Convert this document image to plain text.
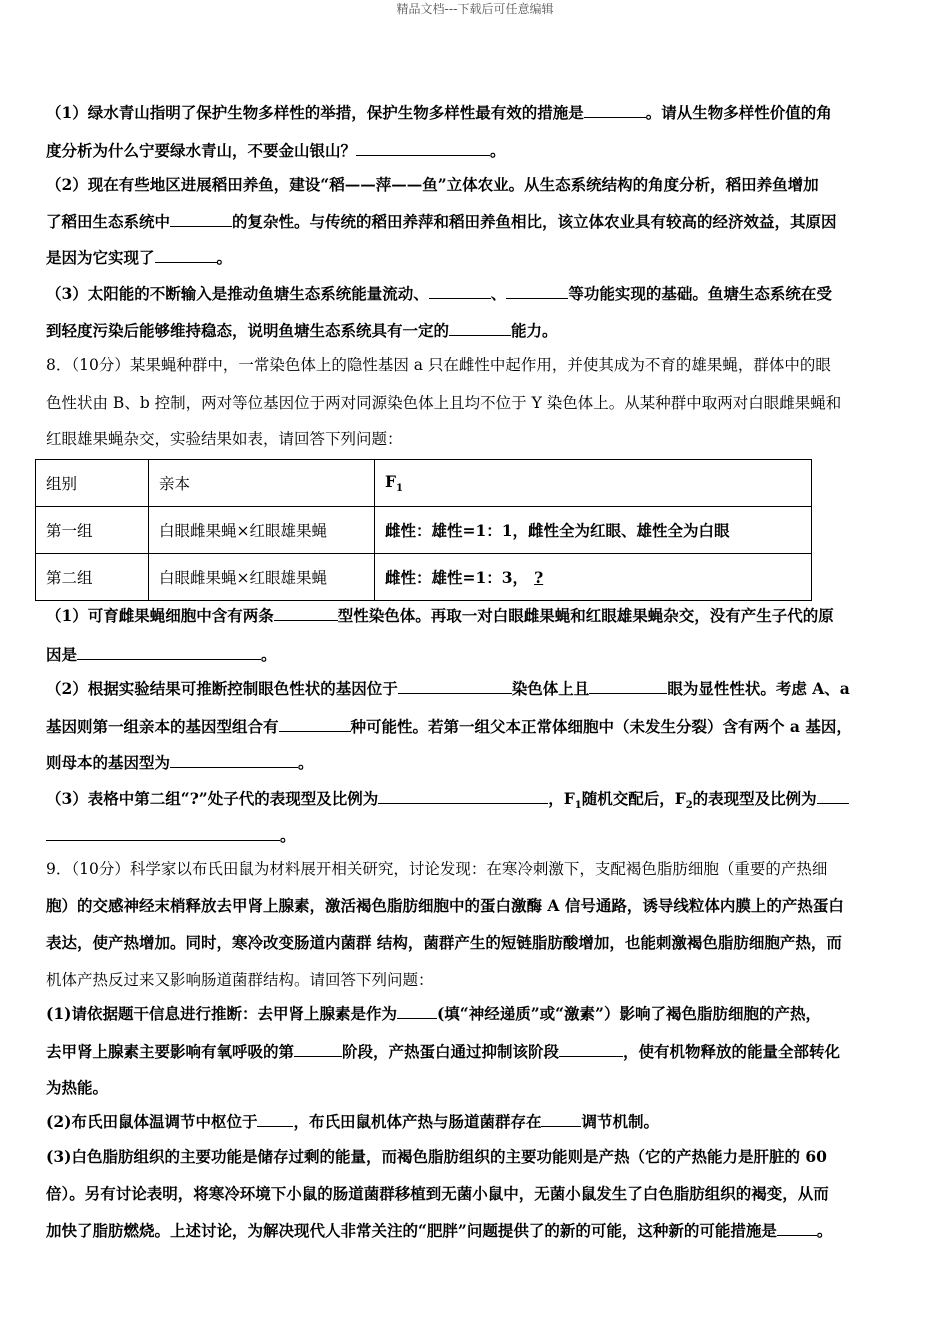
精品文档---下载后可任意编辑
（1）绿水青山指明了保护生物多样性的举措，保护生物多样性最有效的措施是	。请从生物多样性价值的角
度分析为什么宁要绿水青山，不要金山银山？	。
（2）现在有些地区进展稻田养鱼，建设“稻——萍——鱼”立体农业。从生态系统结构的角度分析，稻田养鱼增加
了稻田生态系统中	的复杂性。与传统的稻田养萍和稻田养鱼相比，该立体农业具有较高的经济效益，其原因
是因为它实现了	。
（3）太阳能的不断输入是推动鱼塘生态系统能量流动、	、	等功能实现的基础。鱼塘生态系统在受
到轻度污染后能够维持稳态，说明鱼塘生态系统具有一定的	能力。
8．（10分）某果蝇种群中，一常染色体上的隐性基因 a 只在雌性中起作用，并使其成为不育的雄果蝇，群体中的眼
色性状由 B、b 控制，两对等位基因位于两对同源染色体上且均不位于 Y 染色体上。从某种群中取两对白眼雌果蝇和
红眼雄果蝇杂交，实验结果如表，请回答下列问题：
组别	亲本	$F_1$
第一组	白眼雌果蝇×红眼雄果蝇	雌性：雄性=1：1，雌性全为红眼、雄性全为白眼
第二组	白眼雌果蝇×红眼雄果蝇	雌性：雄性=1：3， ?
（1）可育雌果蝇细胞中含有两条	型性染色体。再取一对白眼雌果蝇和红眼雄果蝇杂交，没有产生子代的原
因是	。
（2）根据实验结果可推断控制眼色性状的基因位于	染色体上且	眼为显性性状。考虑 A、a
基因则第一组亲本的基因型组合有	种可能性。若第一组父本正常体细胞中（未发生分裂）含有两个 a 基因，
则母本的基因型为	。
（3）表格中第二组“?”处子代的表现型及比例为	，$F_1$随机交配后，$F_2$的表现型及比例为
。
9．（10分）科学家以布氏田鼠为材料展开相关研究，讨论发现：在寒冷刺激下，支配褐色脂肪细胞（重要的产热细
胞）的交感神经末梢释放去甲肾上腺素，激活褐色脂肪细胞中的蛋白激酶 A 信号通路，诱导线粒体内膜上的产热蛋白
表达，使产热增加。同时，寒冷改变肠道内菌群 结构，菌群产生的短链脂肪酸增加，也能刺激褐色脂肪细胞产热，而
机体产热反过来又影响肠道菌群结构。请回答下列问题：
(1)请依据题干信息进行推断：去甲肾上腺素是作为	(填“神经递质”或“激素”）影响了褐色脂肪细胞的产热，
去甲肾上腺素主要影响有氧呼吸的第	阶段，产热蛋白通过抑制该阶段	，使有机物释放的能量全部转化
为热能。
(2)布氏田鼠体温调节中枢位于 ，布氏田鼠机体产热与肠道菌群存在	调节机制。
(3)白色脂肪组织的主要功能是储存过剩的能量，而褐色脂肪组织的主要功能则是产热（它的产热能力是肝脏的 60
倍）。另有讨论表明，将寒冷环境下小鼠的肠道菌群移植到无菌小鼠中，无菌小鼠发生了白色脂肪组织的褐变，从而
加快了脂肪燃烧。上述讨论，为解决现代人非常关注的“肥胖”问题提供了的新的可能，这种新的可能措施是	。
